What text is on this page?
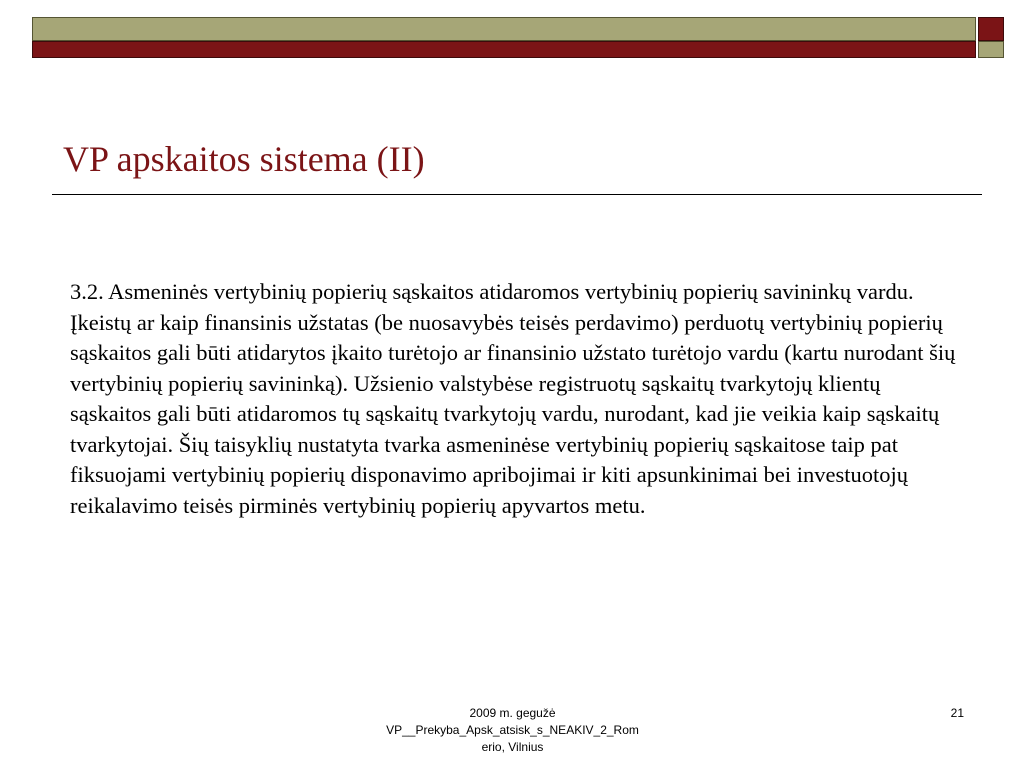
VP apskaitos sistema (II)

3.2. Asmeninės vertybinių popierių sąskaitos atidaromos vertybinių popierių savininkų vardu. Įkeistų ar kaip finansinis užstatas (be nuosavybės teisės perdavimo) perduotų vertybinių popierių sąskaitos gali būti atidarytos įkaito turėtojo ar finansinio užstato turėtojo vardu (kartu nurodant šių vertybinių popierių savininką). Užsienio valstybėse registruotų sąskaitų tvarkytojų klientų sąskaitos gali būti atidaromos tų sąskaitų tvarkytojų vardu, nurodant, kad jie veikia kaip sąskaitų tvarkytojai. Šių taisyklių nustatyta tvarka asmeninėse vertybinių popierių sąskaitose taip pat fiksuojami vertybinių popierių disponavimo apribojimai ir kiti apsunkinimai bei investuotojų reikalavimo teisės pirminės vertybinių popierių apyvartos metu.

2009 m. gegužė
VP__Prekyba_Apsk_atsisk_s_NEAKIV_2_Rom
erio, Vilnius
21
